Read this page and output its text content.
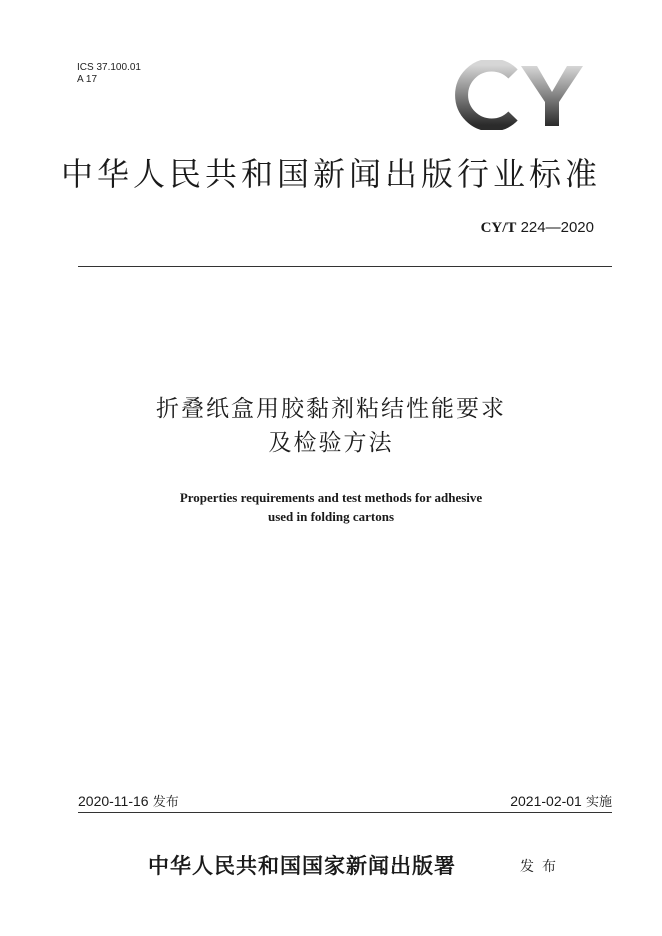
ICS 37.100.01
A 17
中华人民共和国新闻出版行业标准
CY/T 224—2020
折叠纸盒用胶黏剂粘结性能要求
及检验方法
Properties requirements and test methods for adhesive
used in folding cartons
2020-11-16 发布	2021-02-01 实施
中华人民共和国国家新闻出版署	发布
